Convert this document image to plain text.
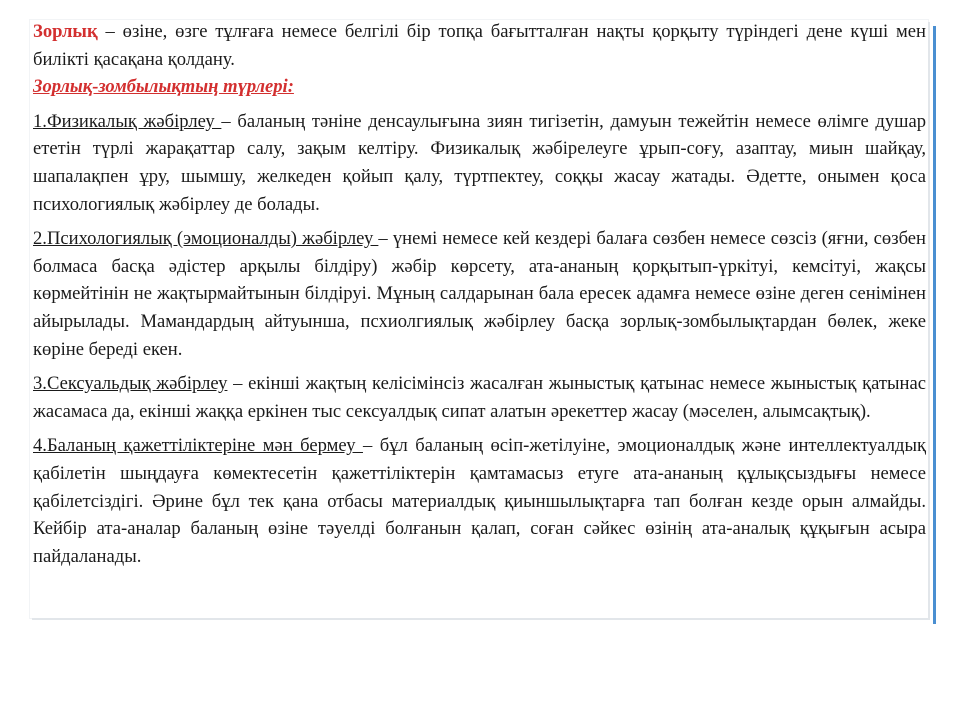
Зорлық – өзіне, өзге тұлғаға немесе белгілі бір топқа бағытталған нақты қорқыту түріндегі дене күші мен билікті қасақана қолдану.

Зорлық-зомбылықтың түрлері:

1.Физикалық жәбірлеу – баланың тәніне денсаулығына зиян тигізетін, дамуын тежейтін немесе өлімге душар ететін түрлі жарақаттар салу, зақым келтіру. Физикалық жәбірелеуге ұрып-соғу, азаптау, миын шайқау, шапалақпен ұру, шымшу, желкеден қойып қалу, түртпектеу, соққы жасау жатады. Әдетте, онымен қоса психологиялық жәбірлеу де болады.

2.Психологиялық (эмоционалды) жәбірлеу – үнемі немесе кей кездері балаға сөзбен немесе сөзсіз (яғни, сөзбен болмаса басқа әдістер арқылы білдіру) жәбір көрсету, ата-ананың қорқытып-үркітуі, кемсітуі, жақсы көрмейтінін не жақтырмайтынын білдіруі. Мұның салдарынан бала ересек адамға немесе өзіне деген сенімінен айырылады. Мамандардың айтуынша, псхиолгиялық жәбірлеу басқа зорлық-зомбылықтардан бөлек, жеке көріне береді екен.

3.Сексуальдық жәбірлеу – екінші жақтың келісімінсіз жасалған жыныстық қатынас немесе жыныстық қатынас жасамаса да, екінші жаққа еркінен тыс сексуалдық сипат алатын әрекеттер жасау (мәселен, алымсақтық).

4.Баланың қажеттіліктеріне мән бермеу – бұл баланың өсіп-жетілуіне, эмоционалдық және интеллектуалдық қабілетін шыңдауға көмектесетін қажеттіліктерін қамтамасыз етуге ата-ананың құлықсыздығы немесе қабілетсіздігі. Әрине бұл тек қана отбасы материалдық қиыншылықтарға тап болған кезде орын алмайды. Кейбір ата-аналар баланың өзіне тәуелді болғанын қалап, соған сәйкес өзінің ата-аналық құқығын асыра пайдаланады.
